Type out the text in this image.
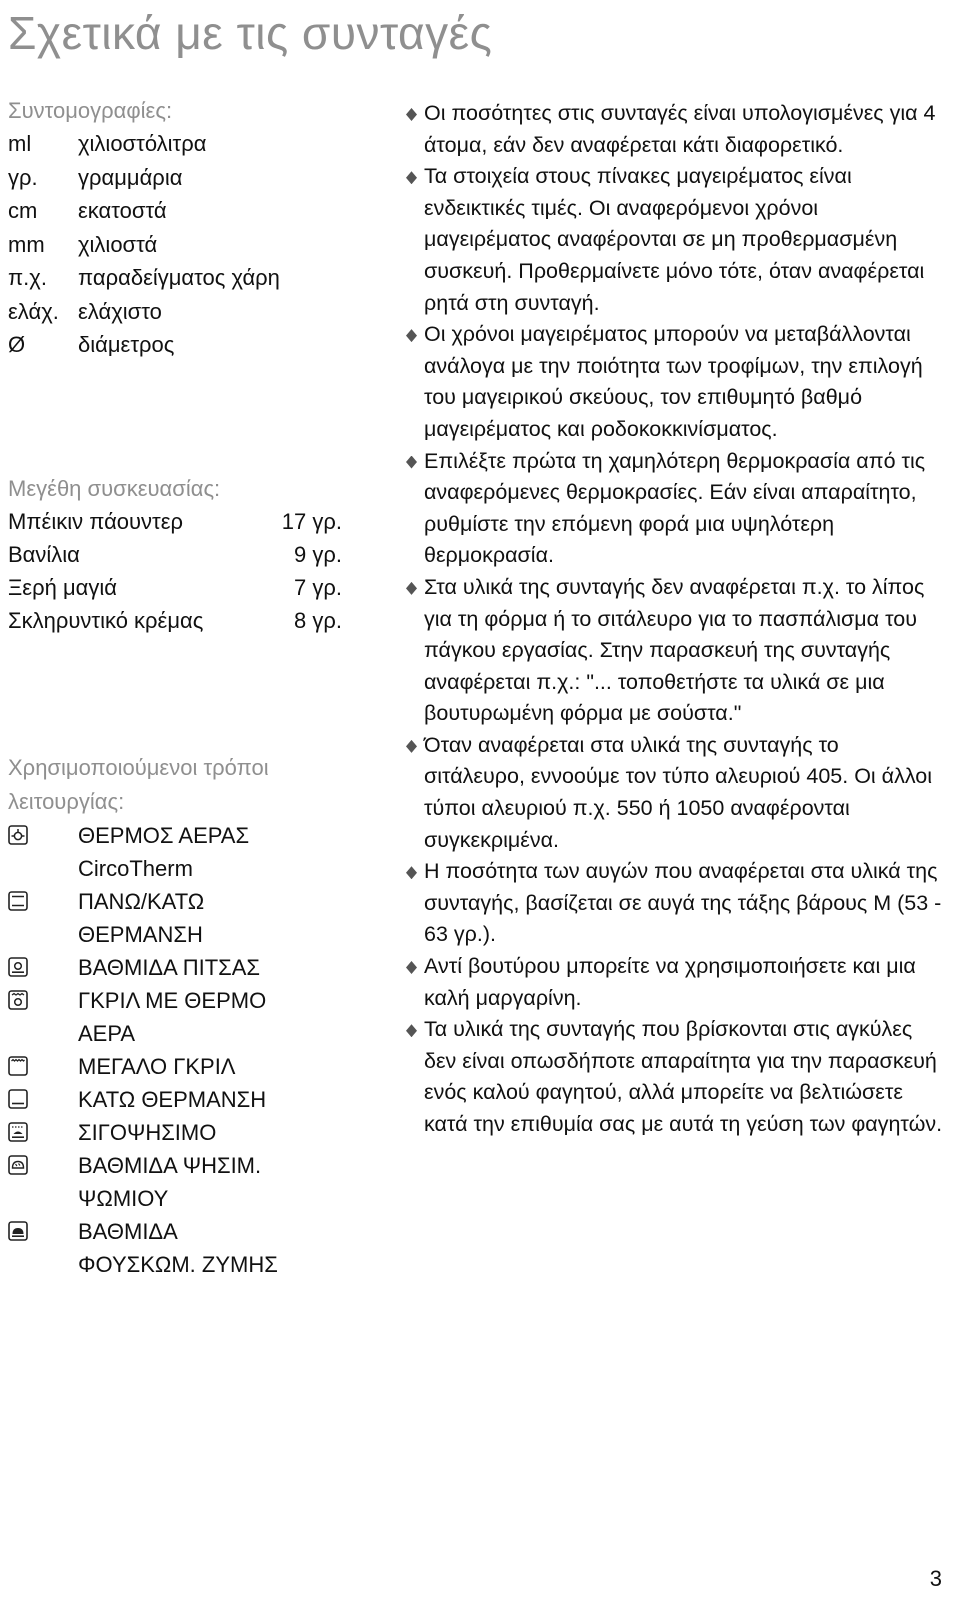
Σχετικά με τις συνταγές
Συντομογραφίες:
ml	χιλιοστόλιτρα
γρ.	γραμμάρια
cm	εκατοστά
mm	χιλιοστά
π.χ.	παραδείγματος χάρη
ελάχ. ελάχιστο
Ø	διάμετρος
Μεγέθη συσκευασίας:
Μπέικιν πάουντερ	17 γρ.
Βανίλια	9 γρ.
Ξερή μαγιά	7 γρ.
Σκληρυντικό κρέμας	8 γρ.
Χρησιμοποιούμενοι τρόποι
λειτουργίας:
ΘΕΡΜΟΣ ΑΕΡΑΣ
CircoTherm
ΠΑΝΩ/ΚΑΤΩ
ΘΕΡΜΑΝΣΗ
ΒΑΘΜΙΔΑ ΠΙΤΣΑΣ
ΓΚΡΙΛ ΜΕ ΘΕΡΜΟ
ΑΕΡΑ
ΜΕΓΑΛΟ ΓΚΡΙΛ
ΚΑΤΩ ΘΕΡΜΑΝΣΗ
ΣΙΓΟΨΗΣΙΜΟ
ΒΑΘΜΙΔΑ ΨΗΣΙΜ.
ΨΩΜΙΟΥ
ΒΑΘΜΙΔΑ
ΦΟΥΣΚΩΜ. ΖΥΜΗΣ
Οι ποσότητες στις συνταγές είναι υπολογισμένες για 4 άτομα, εάν δεν αναφέρεται κάτι διαφορετικό.
Τα στοιχεία στους πίνακες μαγειρέματος είναι ενδεικτικές τιμές. Οι αναφερόμενοι χρόνοι μαγειρέματος αναφέρονται σε μη προθερμασμένη συσκευή. Προθερμαίνετε μόνο τότε, όταν αναφέρεται ρητά στη συνταγή.
Οι χρόνοι μαγειρέματος μπορούν να μεταβάλλονται ανάλογα με την ποιότητα των τροφίμων, την επιλογή του μαγειρικού σκεύους, τον επιθυμητό βαθμό μαγειρέματος και ροδοκοκκινίσματος.
Επιλέξτε πρώτα τη χαμηλότερη θερμοκρασία από τις αναφερόμενες θερμοκρασίες. Εάν είναι απαραίτητο, ρυθμίστε την επόμενη φορά μια υψηλότερη θερμοκρασία.
Στα υλικά της συνταγής δεν αναφέρεται π.χ. το λίπος για τη φόρμα ή το σιτάλευρο για το πασπάλισμα του πάγκου εργασίας. Στην παρασκευή της συνταγής αναφέρεται π.χ.: "... τοποθετήστε τα υλικά σε μια βουτυρωμένη φόρμα με σούστα."
Όταν αναφέρεται στα υλικά της συνταγής το σιτάλευρο, εννοούμε τον τύπο αλευριού 405. Οι άλλοι τύποι αλευριού π.χ. 550 ή 1050 αναφέρονται συγκεκριμένα.
Η ποσότητα των αυγών που αναφέρεται στα υλικά της συνταγής, βασίζεται σε αυγά της τάξης βάρους Μ (53 - 63 γρ.).
Αντί βουτύρου μπορείτε να χρησιμοποιήσετε και μια καλή μαργαρίνη.
Τα υλικά της συνταγής που βρίσκονται στις αγκύλες δεν είναι οπωσδήποτε απαραίτητα για την παρασκευή ενός καλού φαγητού, αλλά μπορείτε να βελτιώσετε κατά την επιθυμία σας με αυτά τη γεύση των φαγητών.
3
